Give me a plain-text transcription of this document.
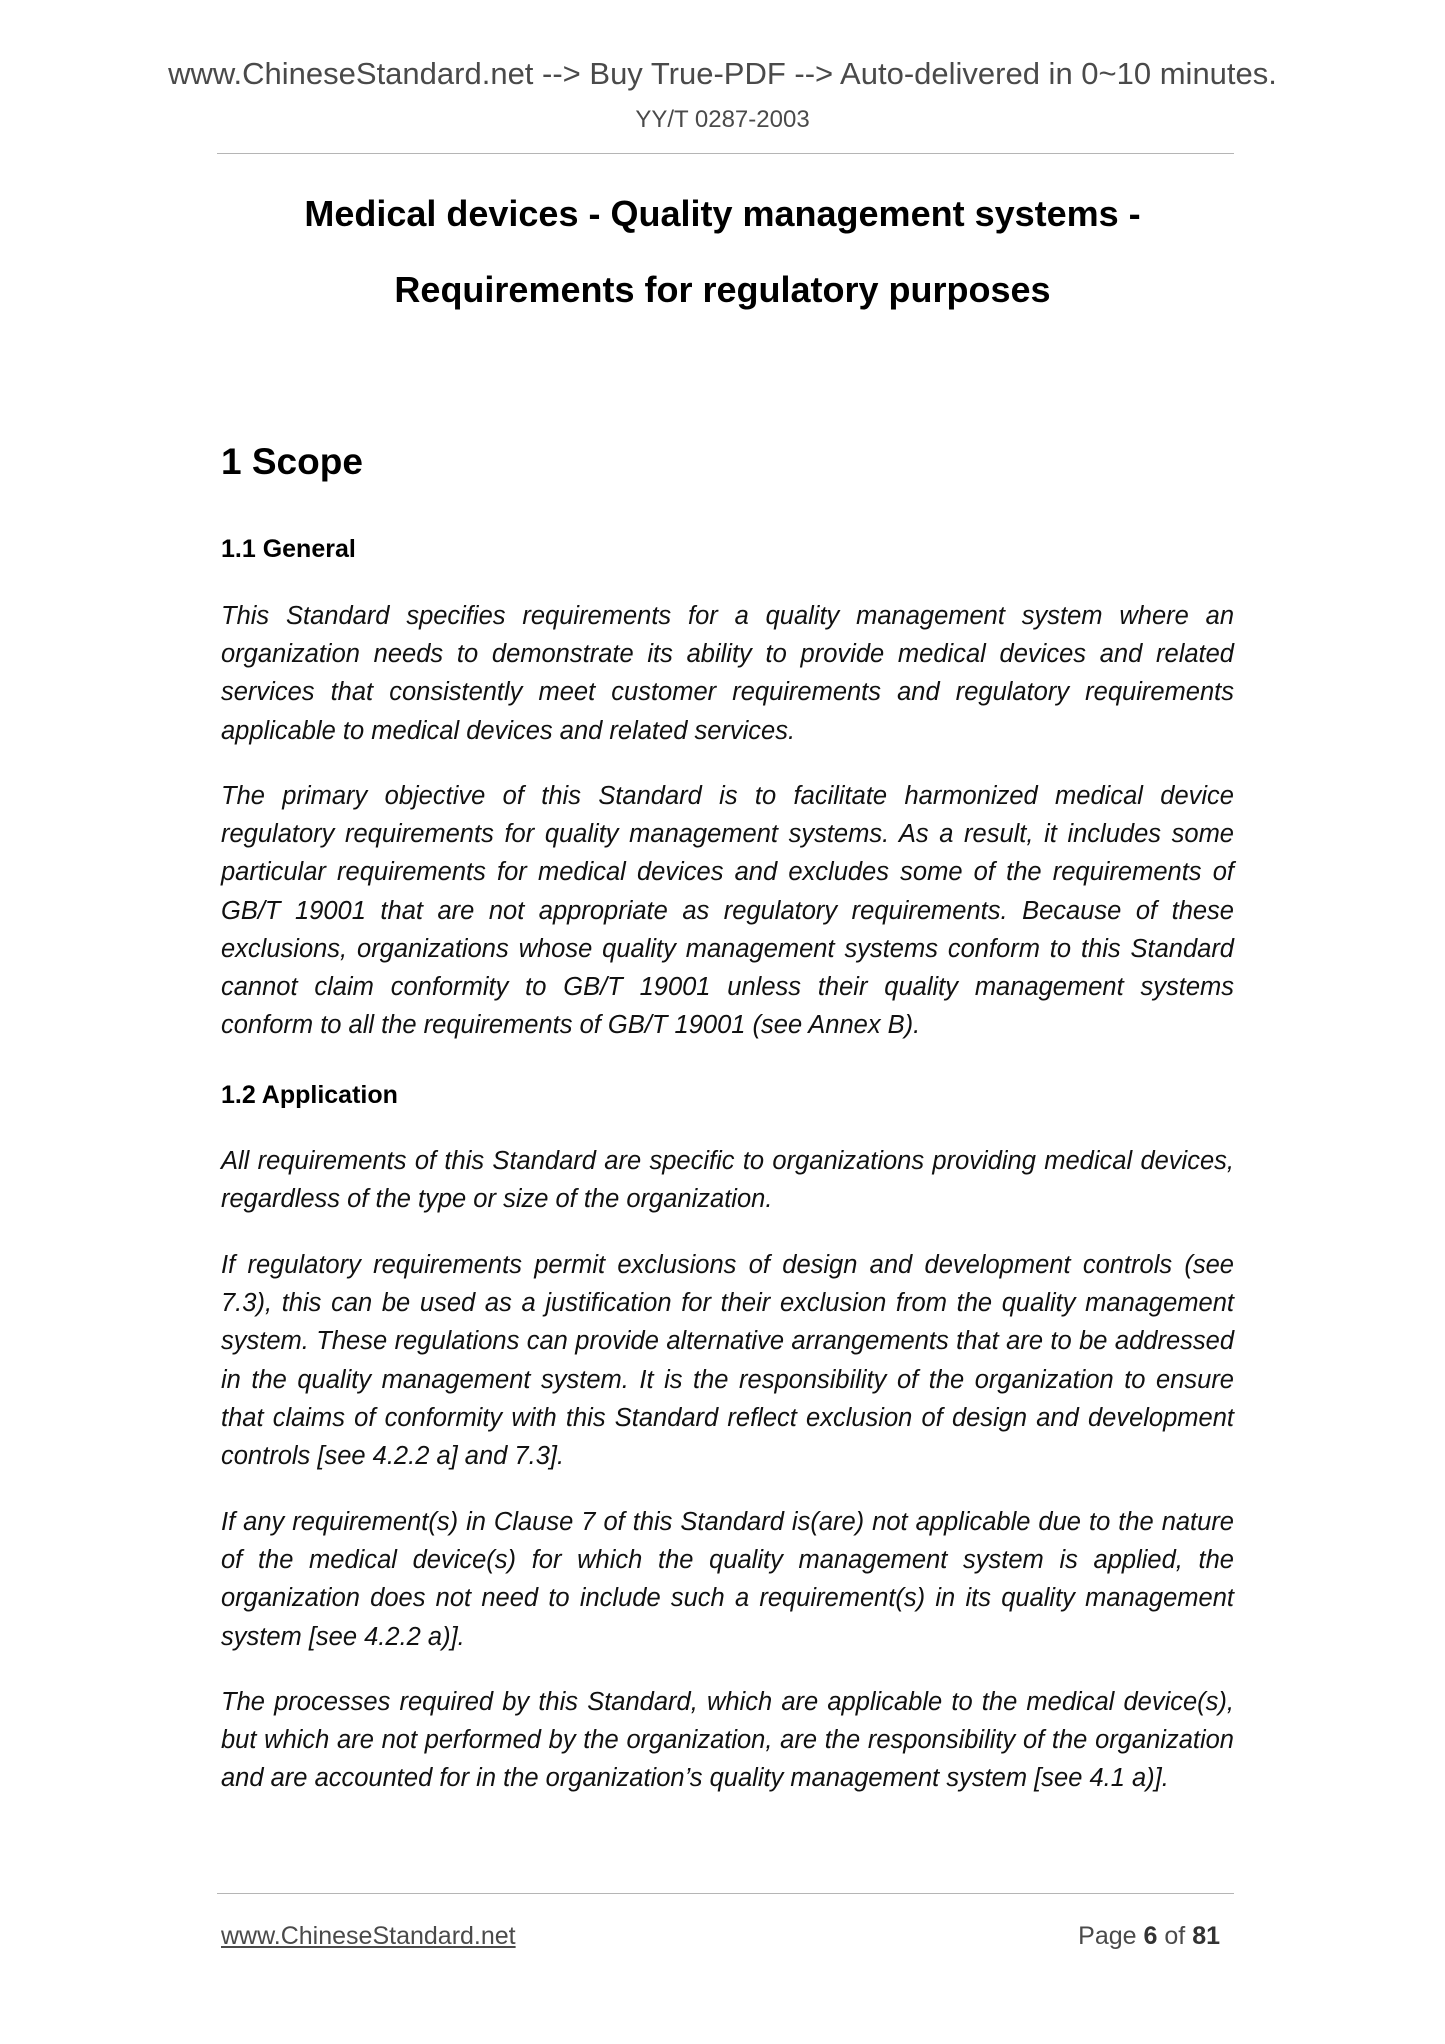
www.ChineseStandard.net --> Buy True-PDF --> Auto-delivered in 0~10 minutes.
YY/T 0287-2003
Medical devices - Quality management systems -
Requirements for regulatory purposes
1 Scope
1.1 General
This Standard specifies requirements for a quality management system where an organization needs to demonstrate its ability to provide medical devices and related services that consistently meet customer requirements and regulatory requirements applicable to medical devices and related services.
The primary objective of this Standard is to facilitate harmonized medical device regulatory requirements for quality management systems. As a result, it includes some particular requirements for medical devices and excludes some of the requirements of GB/T 19001 that are not appropriate as regulatory requirements. Because of these exclusions, organizations whose quality management systems conform to this Standard cannot claim conformity to GB/T 19001 unless their quality management systems conform to all the requirements of GB/T 19001 (see Annex B).
1.2 Application
All requirements of this Standard are specific to organizations providing medical devices, regardless of the type or size of the organization.
If regulatory requirements permit exclusions of design and development controls (see 7.3), this can be used as a justification for their exclusion from the quality management system. These regulations can provide alternative arrangements that are to be addressed in the quality management system. It is the responsibility of the organization to ensure that claims of conformity with this Standard reflect exclusion of design and development controls [see 4.2.2 a] and 7.3].
If any requirement(s) in Clause 7 of this Standard is(are) not applicable due to the nature of the medical device(s) for which the quality management system is applied, the organization does not need to include such a requirement(s) in its quality management system [see 4.2.2 a)].
The processes required by this Standard, which are applicable to the medical device(s), but which are not performed by the organization, are the responsibility of the organization and are accounted for in the organization’s quality management system [see 4.1 a)].
www.ChineseStandard.net	Page 6 of 81
